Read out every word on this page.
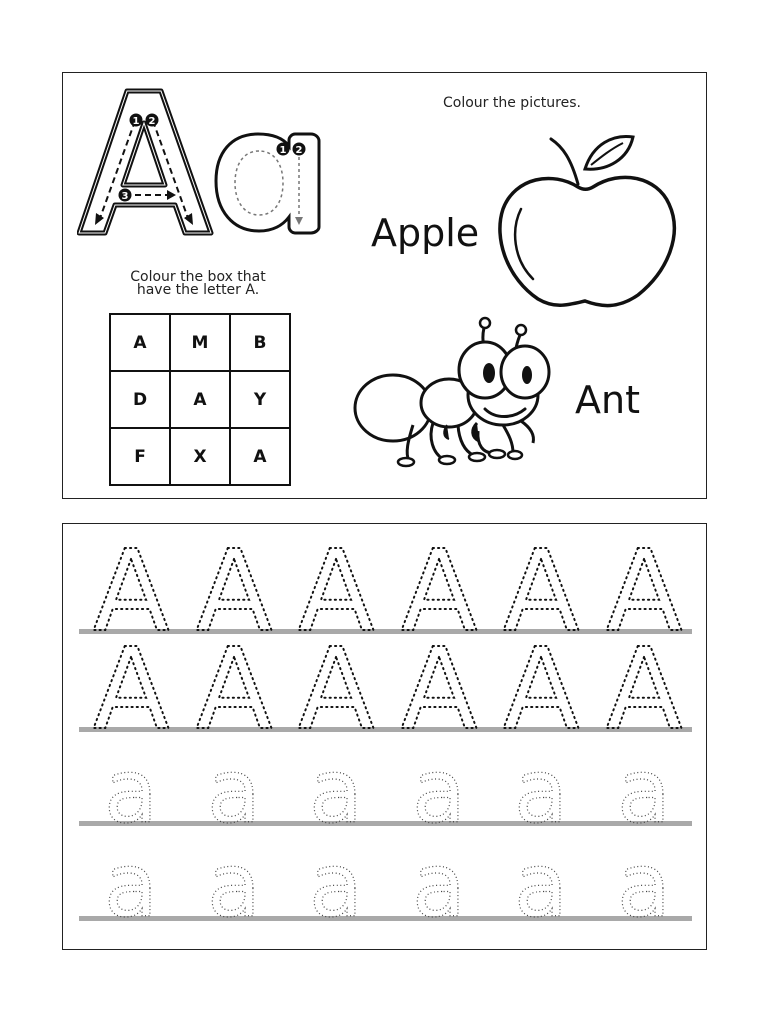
1 2
3
1 2
Colour the pictures.
Colour the box that
have the letter A.
A	M	B
D	A	Y
F	X	A
Apple
Ant
A A A A A A
A A A A A A
a a a a a a
a a a a a a
